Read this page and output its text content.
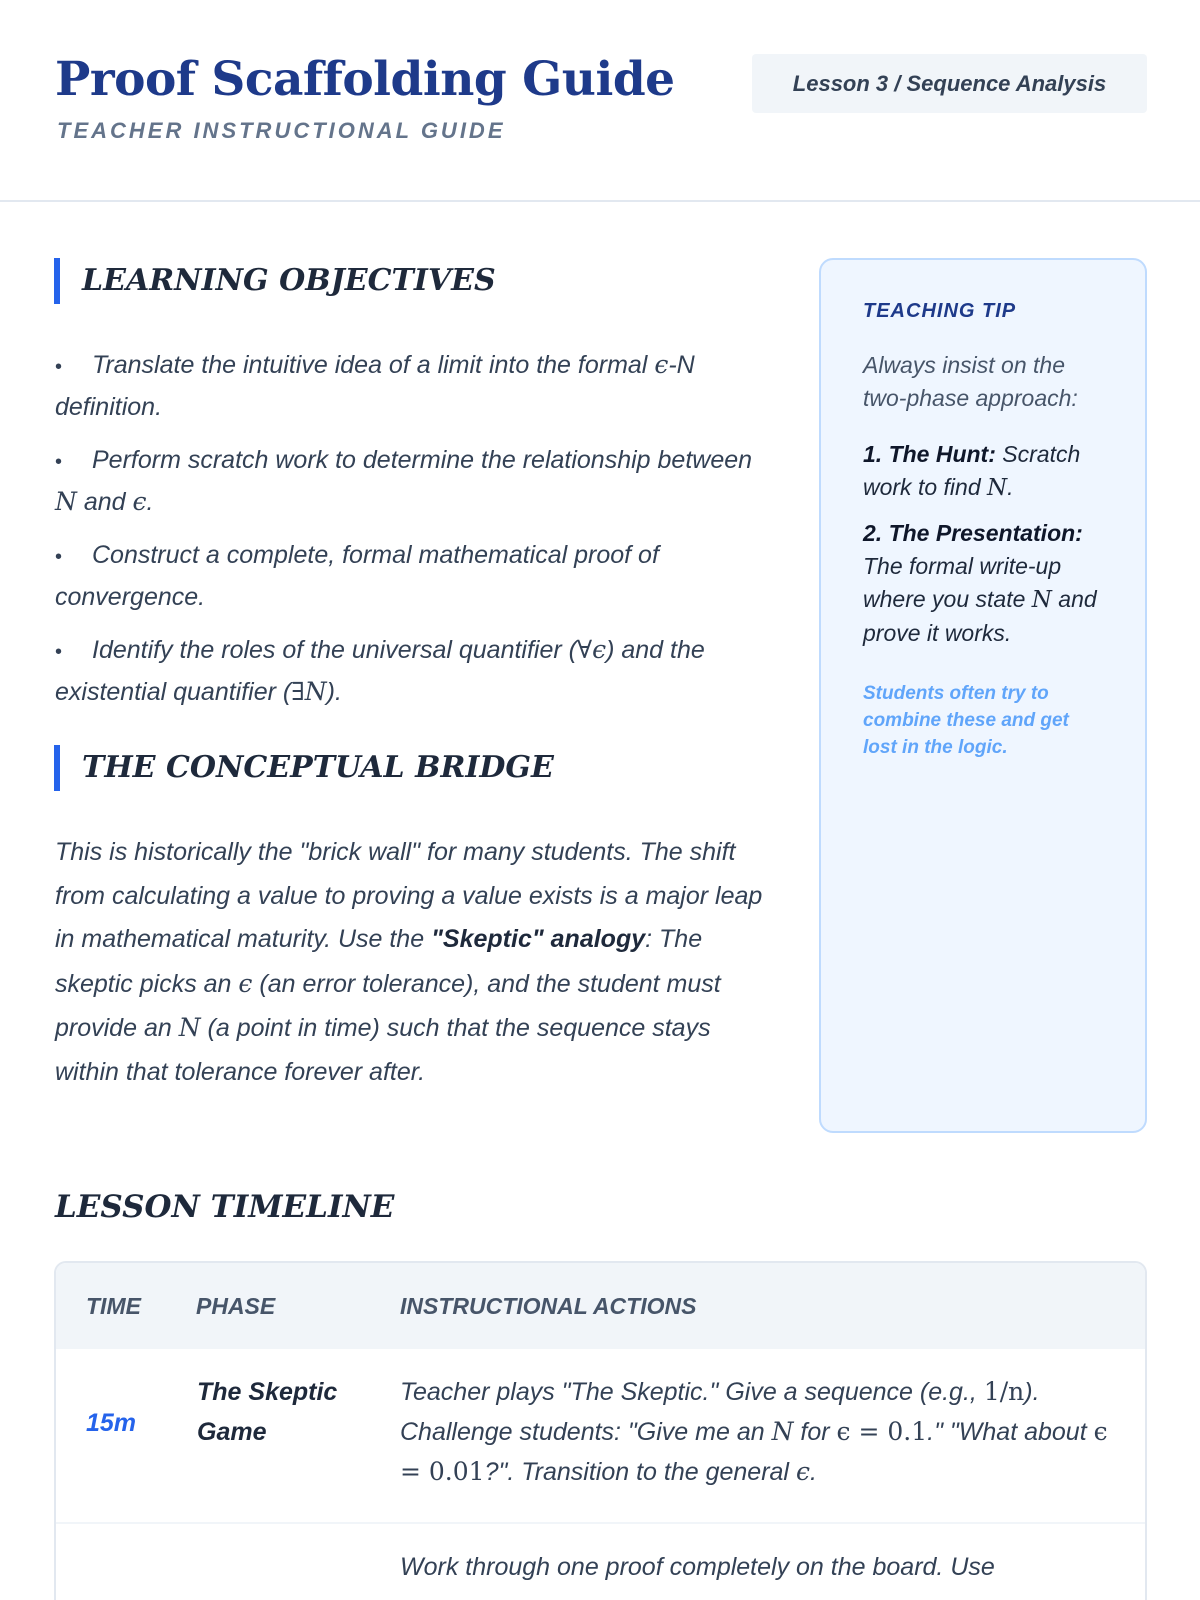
Proof Scaffolding Guide
TEACHER INSTRUCTIONAL GUIDE
Lesson 3 / Sequence Analysis
LEARNING OBJECTIVES
• Translate the intuitive idea of a limit into the formal ϵ-N definition.
• Perform scratch work to determine the relationship between N and ϵ.
• Construct a complete, formal mathematical proof of convergence.
• Identify the roles of the universal quantifier (∀ϵ) and the existential quantifier (∃N).
THE CONCEPTUAL BRIDGE

This is historically the "brick wall" for many students. The shift from calculating a value to proving a value exists is a major leap in mathematical maturity. Use the "Skeptic" analogy: The skeptic picks an ϵ (an error tolerance), and the student must provide an N (a point in time) such that the sequence stays within that tolerance forever after.

TEACHING TIP
Always insist on the two-phase approach:
1. The Hunt: Scratch work to find N.
2. The Presentation: The formal write-up where you state N and prove it works.
Students often try to combine these and get lost in the logic.
LESSON TIMELINE
TIME PHASE	INSTRUCTIONAL ACTIONS
15m
The Skeptic Game
Teacher plays "The Skeptic." Give a sequence (e.g., 1/n). Challenge students: "Give me an N for ϵ = 0.1." "What about ϵ = 0.01?". Transition to the general ϵ.
Work through one proof completely on the board. Use
